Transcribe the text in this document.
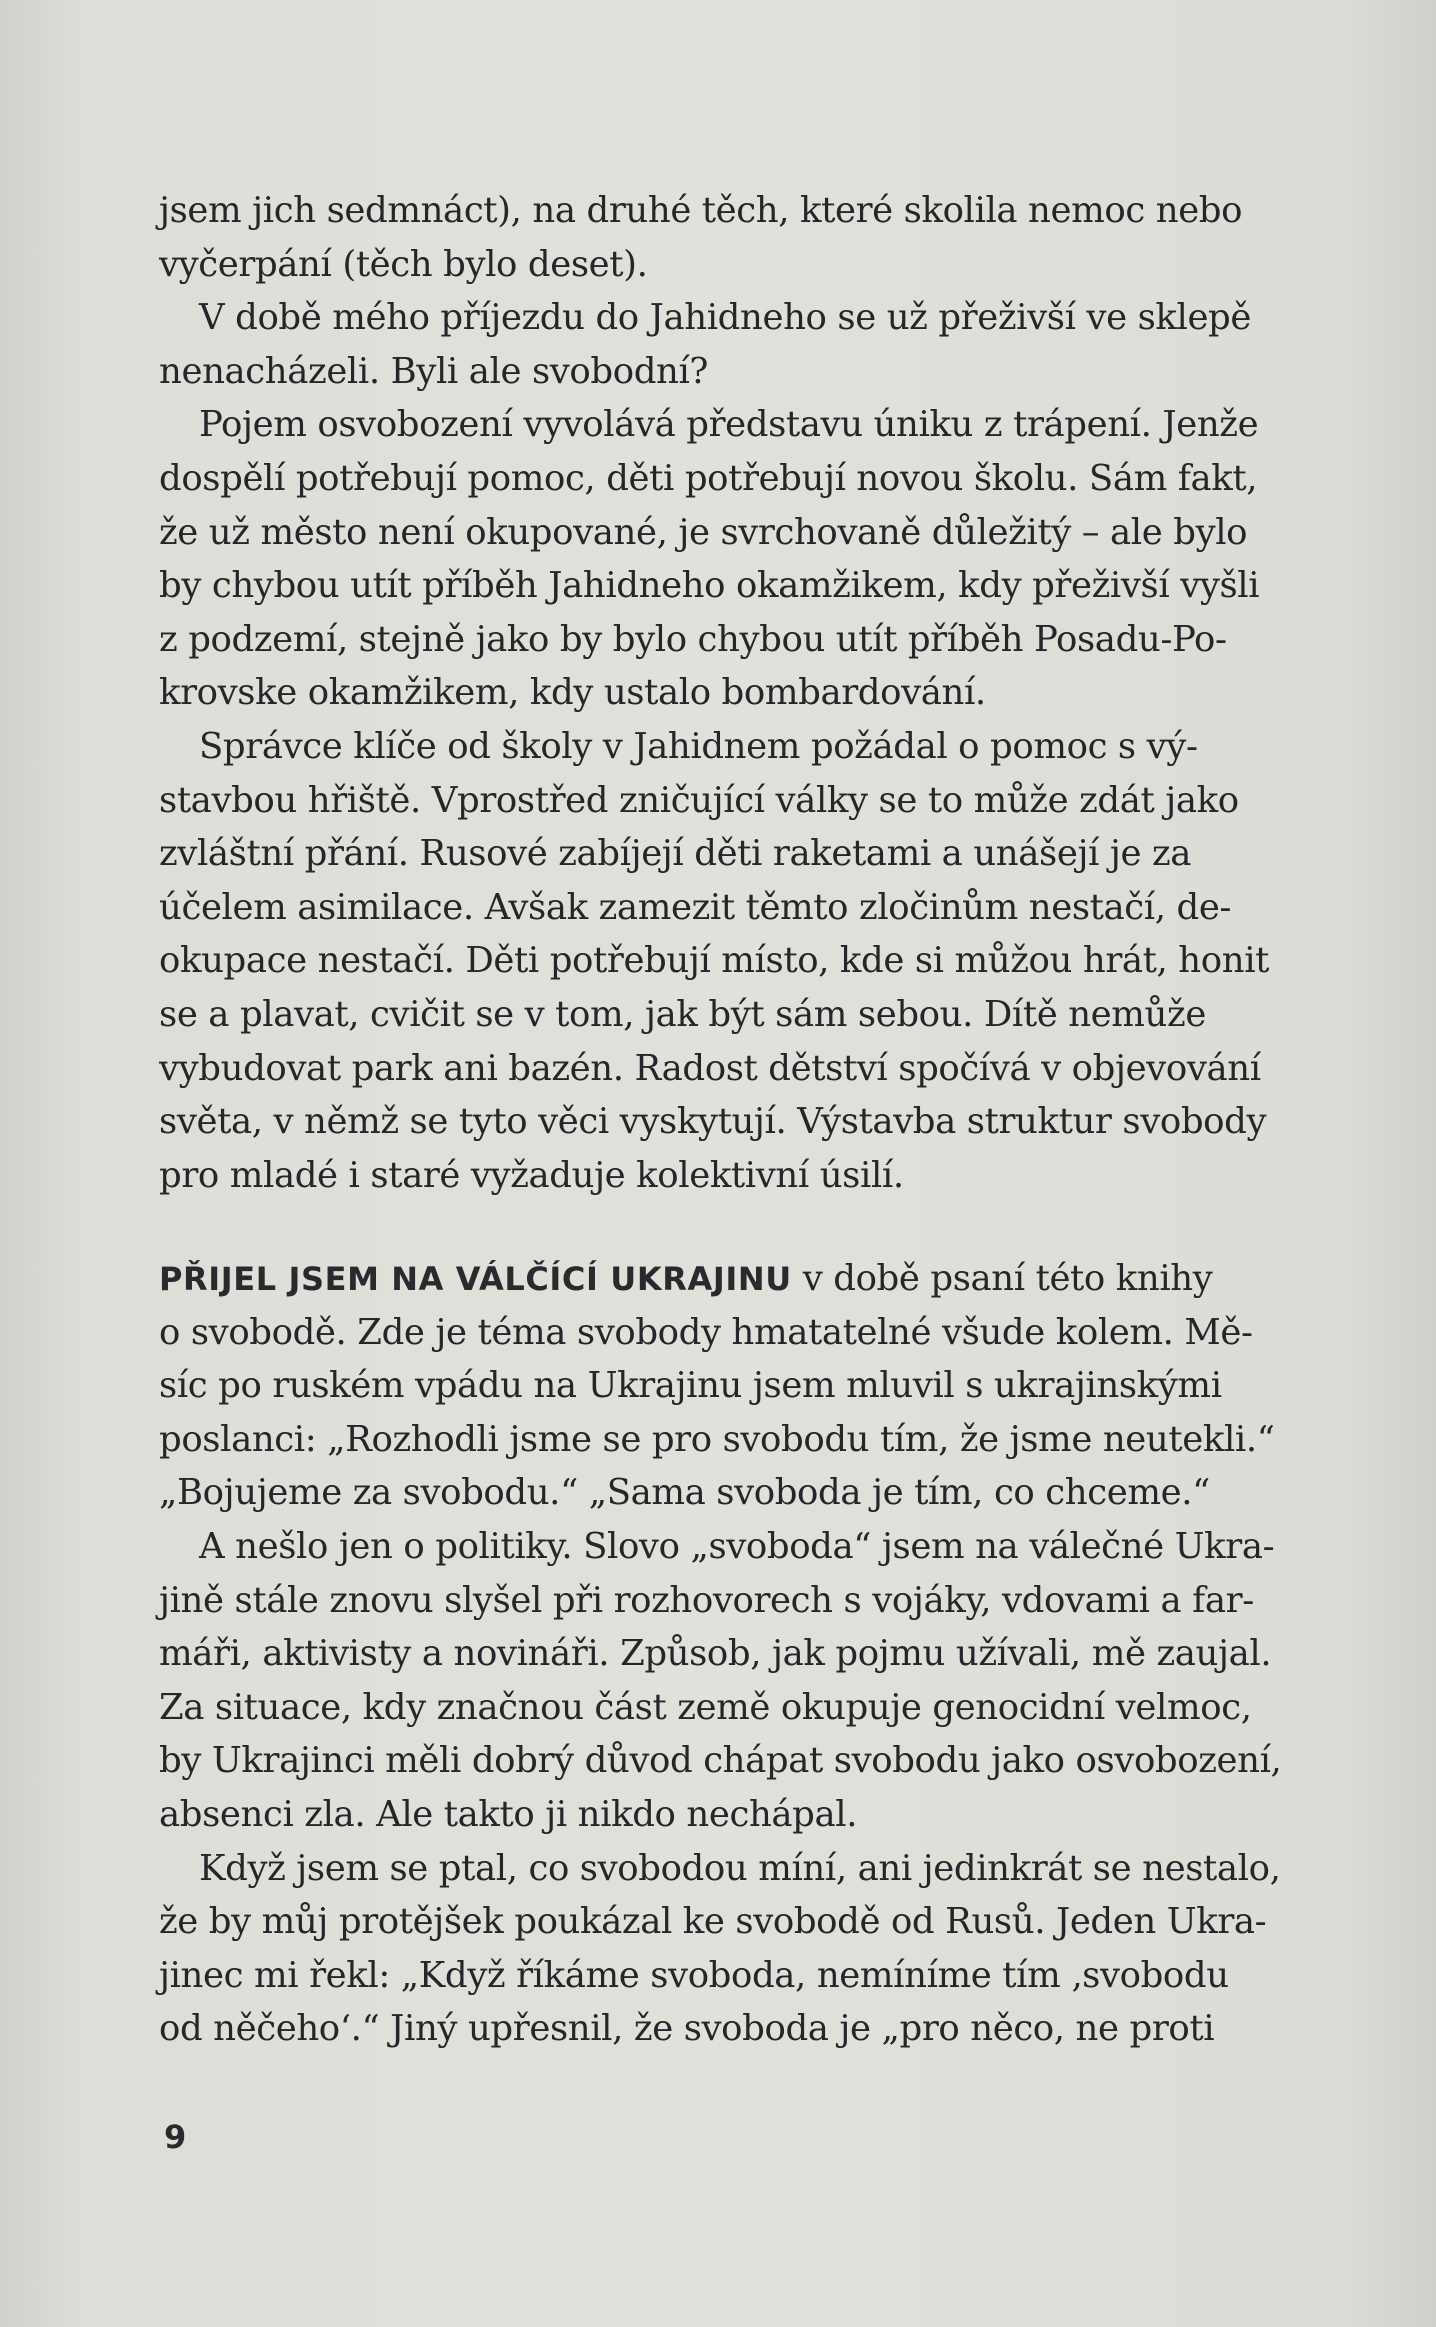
jsem jich sedmnáct), na druhé těch, které skolila nemoc nebo
vyčerpání (těch bylo deset).
V době mého příjezdu do Jahidneho se už přeživší ve sklepě
nenacházeli. Byli ale svobodní?
Pojem osvobození vyvolává představu úniku z trápení. Jenže
dospělí potřebují pomoc, děti potřebují novou školu. Sám fakt,
že už město není okupované, je svrchovaně důležitý – ale bylo
by chybou utít příběh Jahidneho okamžikem, kdy přeživší vyšli
z podzemí, stejně jako by bylo chybou utít příběh Posadu-Po-
krovske okamžikem, kdy ustalo bombardování.
Správce klíče od školy v Jahidnem požádal o pomoc s vý-
stavbou hřiště. Vprostřed zničující války se to může zdát jako
zvláštní přání. Rusové zabíjejí děti raketami a unášejí je za
účelem asimilace. Avšak zamezit těmto zločinům nestačí, de-
okupace nestačí. Děti potřebují místo, kde si můžou hrát, honit
se a plavat, cvičit se v tom, jak být sám sebou. Dítě nemůže
vybudovat park ani bazén. Radost dětství spočívá v objevování
světa, v němž se tyto věci vyskytují. Výstavba struktur svobody
pro mladé i staré vyžaduje kolektivní úsilí.
PŘIJEL JSEM NA VÁLČÍCÍ UKRAJINU v době psaní této knihy
o svobodě. Zde je téma svobody hmatatelné všude kolem. Mě-
síc po ruském vpádu na Ukrajinu jsem mluvil s ukrajinskými
poslanci: „Rozhodli jsme se pro svobodu tím, že jsme neutekli.“
„Bojujeme za svobodu.“ „Sama svoboda je tím, co chceme.“
A nešlo jen o politiky. Slovo „svoboda“ jsem na válečné Ukra-
jině stále znovu slyšel při rozhovorech s vojáky, vdovami a far-
máři, aktivisty a novináři. Způsob, jak pojmu užívali, mě zaujal.
Za situace, kdy značnou část země okupuje genocidní velmoc,
by Ukrajinci měli dobrý důvod chápat svobodu jako osvobození,
absenci zla. Ale takto ji nikdo nechápal.
Když jsem se ptal, co svobodou míní, ani jedinkrát se nestalo,
že by můj protějšek poukázal ke svobodě od Rusů. Jeden Ukra-
jinec mi řekl: „Když říkáme svoboda, nemíníme tím ‚svobodu
od něčeho‘.“ Jiný upřesnil, že svoboda je „pro něco, ne proti
9
